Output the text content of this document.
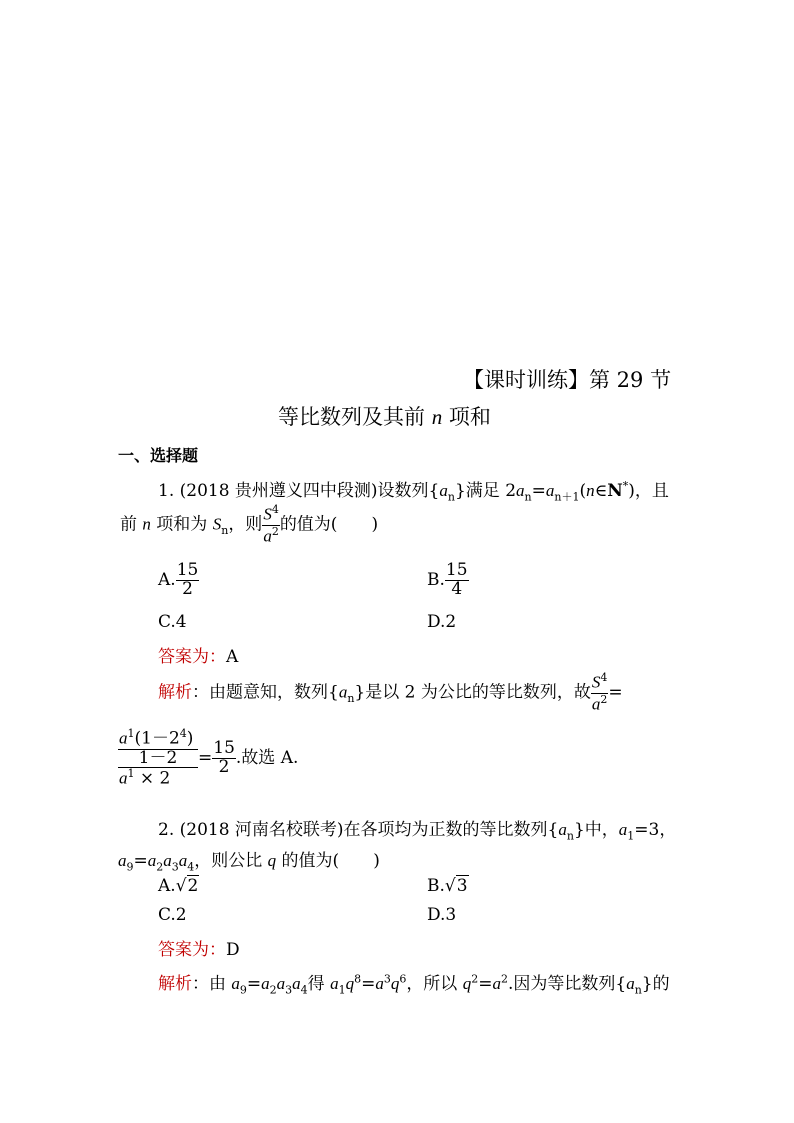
【课时训练】第 29 节
等比数列及其前 n 项和
一、选择题
1. (2018 贵州遵义四中段测)设数列$\{a_n\}$满足 $2a_n=a_{n+1}(n\in N^*)$，且
前 n 项和为 $S_n$，则 $\frac{S^4}{a^2}$ 的值为(　　)
A. $\frac{15}{2}$	B. $\frac{15}{4}$
C.4	D.2
答案为：A
解析：由题意知，数列$\{a_n\}$是以 2 为公比的等比数列，故 $\frac{S^4}{a^2}$ =
$a^1(1-2^4)$
1－2
$a^1 \times 2$
= $\frac{15}{2}$ .故选 A.
2. (2018 河南名校联考)在各项均为正数的等比数列$\{a_n\}$中，$a_1=3$，
$a_9=a_2a_3a_4$，则公比 q 的值为(　　)
A.√2	B.√3
C.2	D.3
答案为：D
解析：由 $a_9=a_2a_3a_4$得 $a_1q^8=a^3q^6$，所以 $q^2=a^2$.因为等比数列$\{a_n\}$的
